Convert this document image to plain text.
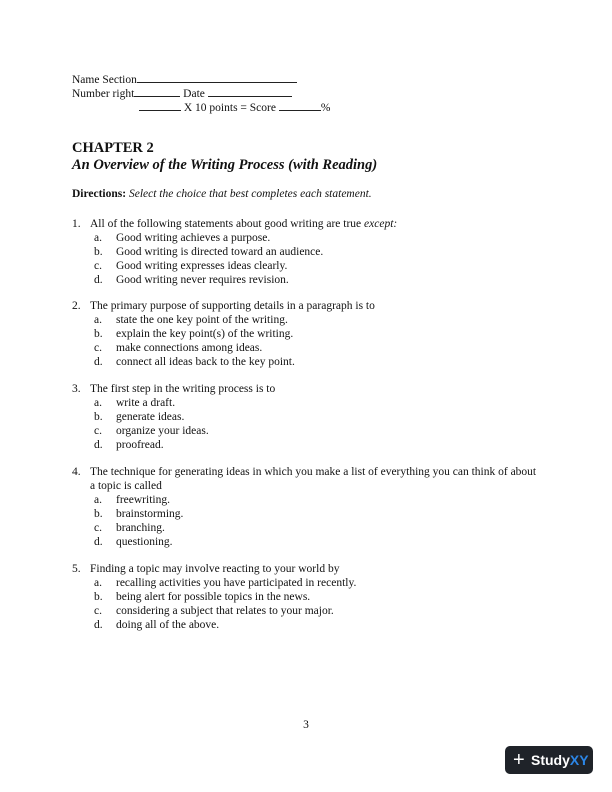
Name Section
Number right	Date
X 10 points = Score	%
CHAPTER 2
An Overview of the Writing Process (with Reading)
Directions: Select the choice that best completes each statement.
1. All of the following statements about good writing are true except:
a. Good writing achieves a purpose.
b. Good writing is directed toward an audience.
c. Good writing expresses ideas clearly.
d. Good writing never requires revision.
2. The primary purpose of supporting details in a paragraph is to
a. state the one key point of the writing.
b. explain the key point(s) of the writing.
c. make connections among ideas.
d. connect all ideas back to the key point.
3. The first step in the writing process is to
a. write a draft.
b. generate ideas.
c. organize your ideas.
d. proofread.
4. The technique for generating ideas in which you make a list of everything you can think of about a topic is called
a. freewriting.
b. brainstorming.
c. branching.
d. questioning.
5. Finding a topic may involve reacting to your world by
a. recalling activities you have participated in recently.
b. being alert for possible topics in the news.
c. considering a subject that relates to your major.
d. doing all of the above.
3
+ StudyXY
